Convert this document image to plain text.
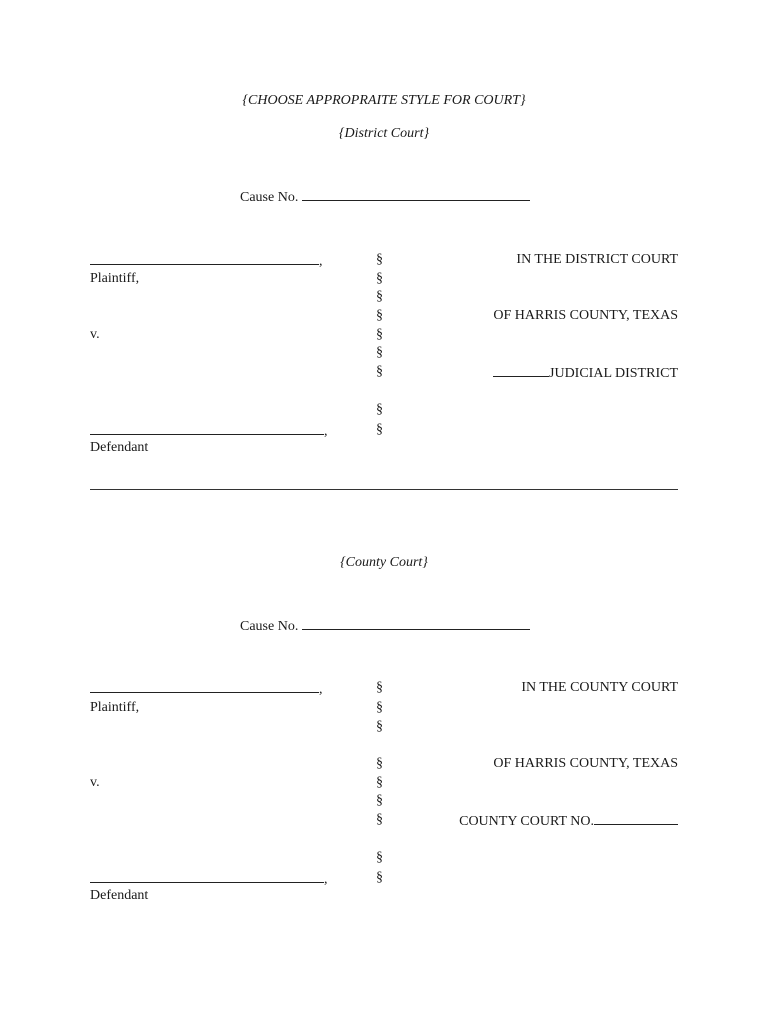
{CHOOSE APPROPRAITE STYLE FOR COURT}
{District Court}
Cause No.
,
Plaintiff,
v.
,
Defendant
§
§
§
§
§
§
§
§
§
IN THE DISTRICT COURT
OF HARRIS COUNTY, TEXAS
JUDICIAL DISTRICT
{County Court}
Cause No.
,
Plaintiff,
v.
,
Defendant
§
§
§
§
§
§
§
§
§
IN THE COUNTY COURT
OF HARRIS COUNTY, TEXAS
COUNTY COURT NO.
